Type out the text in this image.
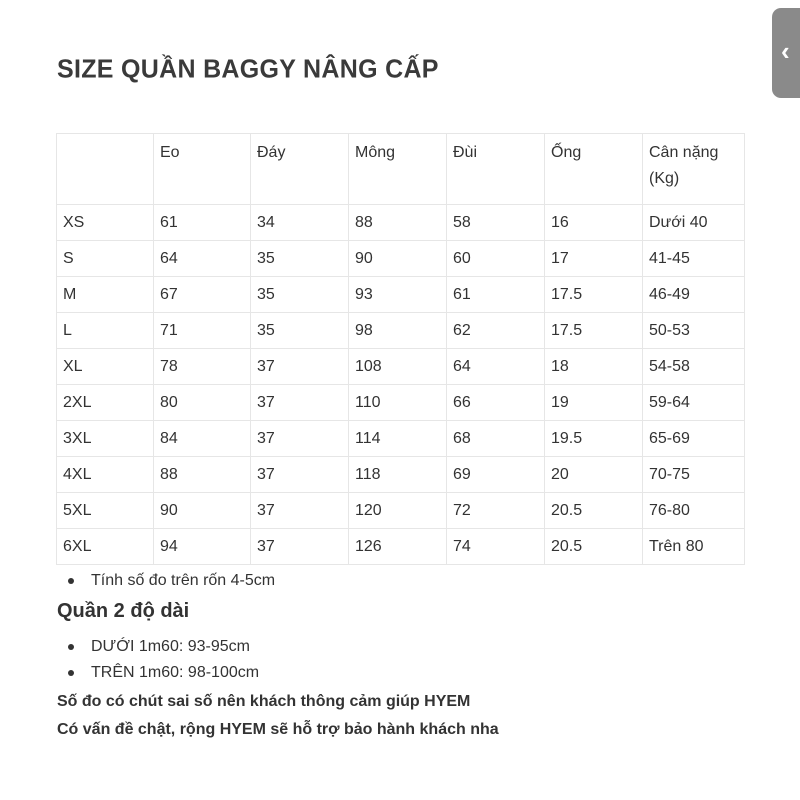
SIZE QUẦN BAGGY NÂNG CẤP
‹
	Eo	Đáy	Mông	Đùi	Ống	Cân nặng (Kg)
XS	61	34	88	58	16	Dưới 40
S	64	35	90	60	17	41-45
M	67	35	93	61	17.5	46-49
L	71	35	98	62	17.5	50-53
XL	78	37	108	64	18	54-58
2XL	80	37	110	66	19	59-64
3XL	84	37	114	68	19.5	65-69
4XL	88	37	118	69	20	70-75
5XL	90	37	120	72	20.5	76-80
6XL	94	37	126	74	20.5	Trên 80
Tính số đo trên rốn 4-5cm
Quần 2 độ dài
DƯỚI 1m60: 93-95cm
TRÊN 1m60: 98-100cm

Số đo có chút sai số nên khách thông cảm giúp HYEM

Có vấn đề chật, rộng HYEM sẽ hỗ trợ bảo hành khách nha
